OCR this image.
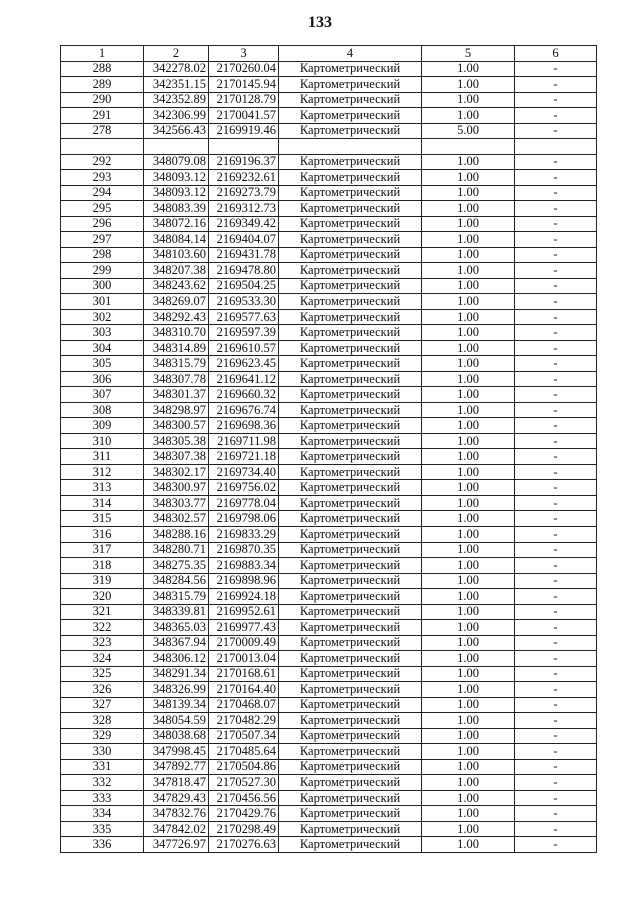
133
1	2	3	4	5	6
288	342278.02	2170260.04	Картометрический	1.00	-
289	342351.15	2170145.94	Картометрический	1.00	-
290	342352.89	2170128.79	Картометрический	1.00	-
291	342306.99	2170041.57	Картометрический	1.00	-
278	342566.43	2169919.46	Картометрический	5.00	-

292	348079.08	2169196.37	Картометрический	1.00	-
293	348093.12	2169232.61	Картометрический	1.00	-
294	348093.12	2169273.79	Картометрический	1.00	-
295	348083.39	2169312.73	Картометрический	1.00	-
296	348072.16	2169349.42	Картометрический	1.00	-
297	348084.14	2169404.07	Картометрический	1.00	-
298	348103.60	2169431.78	Картометрический	1.00	-
299	348207.38	2169478.80	Картометрический	1.00	-
300	348243.62	2169504.25	Картометрический	1.00	-
301	348269.07	2169533.30	Картометрический	1.00	-
302	348292.43	2169577.63	Картометрический	1.00	-
303	348310.70	2169597.39	Картометрический	1.00	-
304	348314.89	2169610.57	Картометрический	1.00	-
305	348315.79	2169623.45	Картометрический	1.00	-
306	348307.78	2169641.12	Картометрический	1.00	-
307	348301.37	2169660.32	Картометрический	1.00	-
308	348298.97	2169676.74	Картометрический	1.00	-
309	348300.57	2169698.36	Картометрический	1.00	-
310	348305.38	2169711.98	Картометрический	1.00	-
311	348307.38	2169721.18	Картометрический	1.00	-
312	348302.17	2169734.40	Картометрический	1.00	-
313	348300.97	2169756.02	Картометрический	1.00	-
314	348303.77	2169778.04	Картометрический	1.00	-
315	348302.57	2169798.06	Картометрический	1.00	-
316	348288.16	2169833.29	Картометрический	1.00	-
317	348280.71	2169870.35	Картометрический	1.00	-
318	348275.35	2169883.34	Картометрический	1.00	-
319	348284.56	2169898.96	Картометрический	1.00	-
320	348315.79	2169924.18	Картометрический	1.00	-
321	348339.81	2169952.61	Картометрический	1.00	-
322	348365.03	2169977.43	Картометрический	1.00	-
323	348367.94	2170009.49	Картометрический	1.00	-
324	348306.12	2170013.04	Картометрический	1.00	-
325	348291.34	2170168.61	Картометрический	1.00	-
326	348326.99	2170164.40	Картометрический	1.00	-
327	348139.34	2170468.07	Картометрический	1.00	-
328	348054.59	2170482.29	Картометрический	1.00	-
329	348038.68	2170507.34	Картометрический	1.00	-
330	347998.45	2170485.64	Картометрический	1.00	-
331	347892.77	2170504.86	Картометрический	1.00	-
332	347818.47	2170527.30	Картометрический	1.00	-
333	347829.43	2170456.56	Картометрический	1.00	-
334	347832.76	2170429.76	Картометрический	1.00	-
335	347842.02	2170298.49	Картометрический	1.00	-
336	347726.97	2170276.63	Картометрический	1.00	-
